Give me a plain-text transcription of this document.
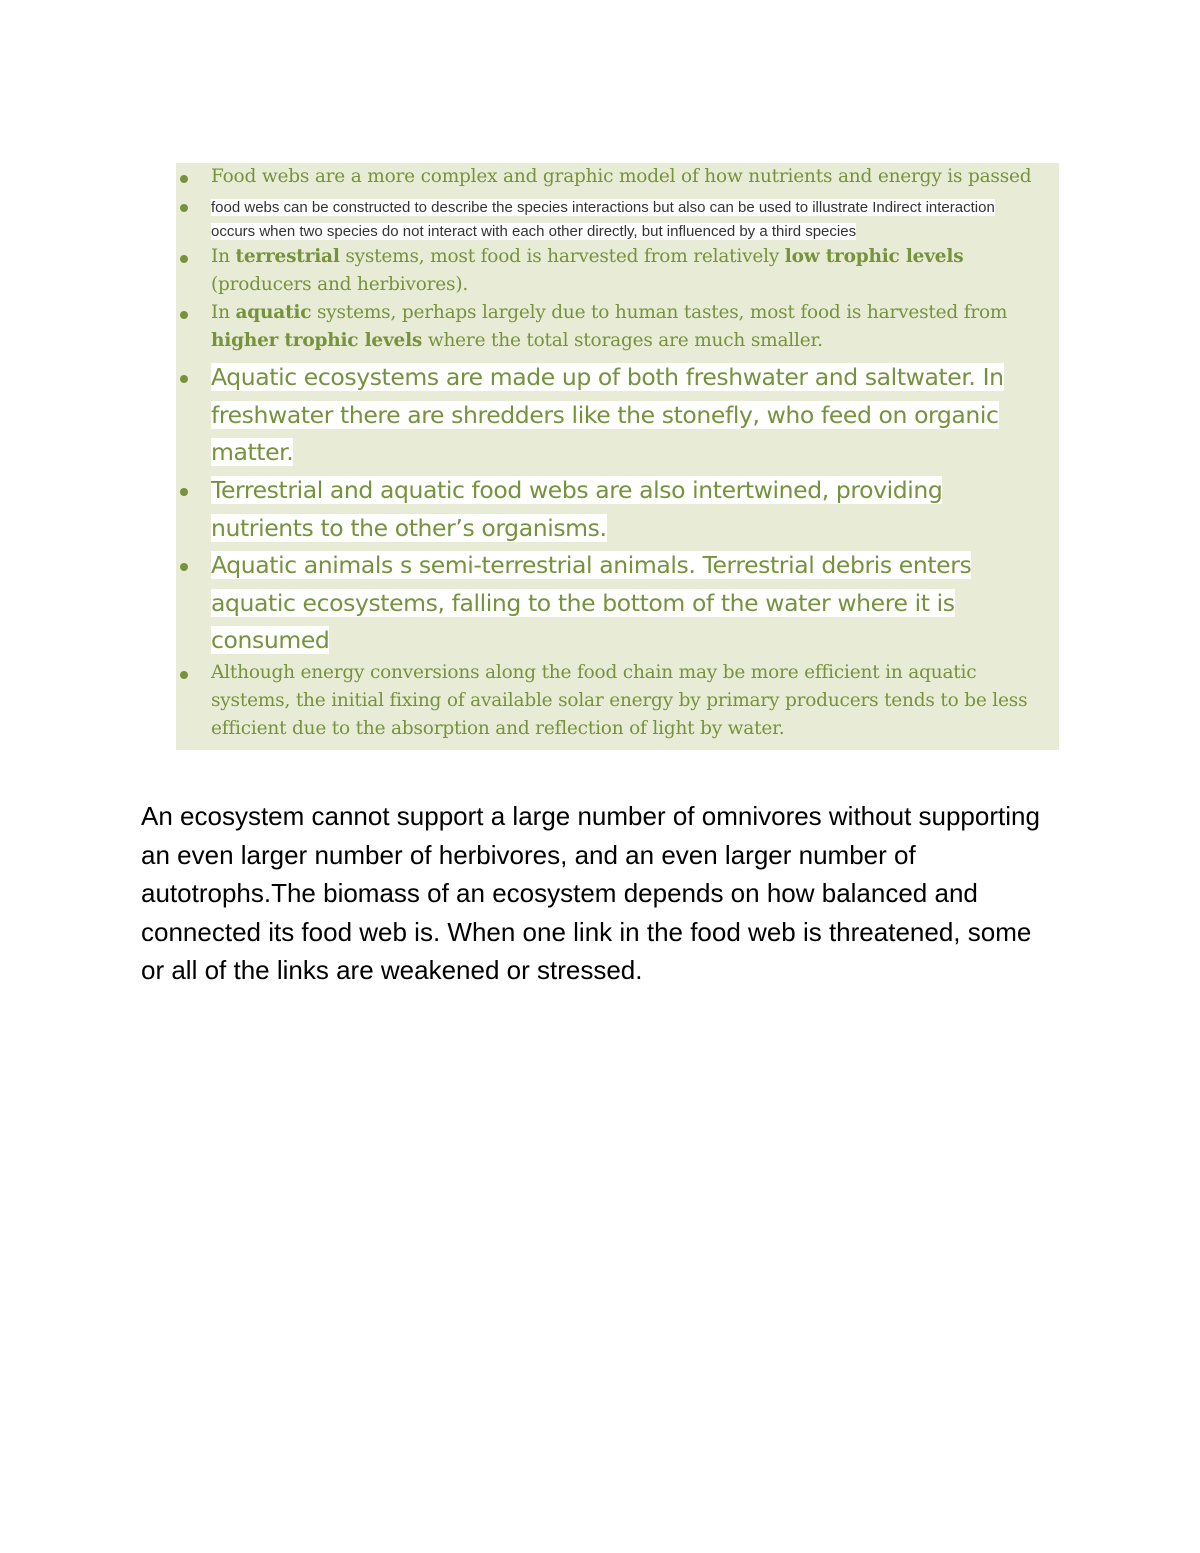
Food webs are a more complex and graphic model of how nutrients and energy is passed
food webs can be constructed to describe the species interactions but also can be used to illustrate Indirect interaction occurs when two species do not interact with each other directly, but influenced by a third species
In terrestrial systems, most food is harvested from relatively low trophic levels (producers and herbivores).
In aquatic systems, perhaps largely due to human tastes, most food is harvested from higher trophic levels where the total storages are much smaller.
Aquatic ecosystems are made up of both freshwater and saltwater. In freshwater there are shredders like the stonefly, who feed on organic matter.
Terrestrial and aquatic food webs are also intertwined, providing nutrients to the other’s organisms.
Aquatic animals s semi-terrestrial animals. Terrestrial debris enters aquatic ecosystems, falling to the bottom of the water where it is consumed
Although energy conversions along the food chain may be more efficient in aquatic systems, the initial fixing of available solar energy by primary producers tends to be less efficient due to the absorption and reflection of light by water.
An ecosystem cannot support a large number of omnivores without supporting an even larger number of herbivores, and an even larger number of autotrophs.The biomass of an ecosystem depends on how balanced and connected its food web is. When one link in the food web is threatened, some or all of the links are weakened or stressed.
